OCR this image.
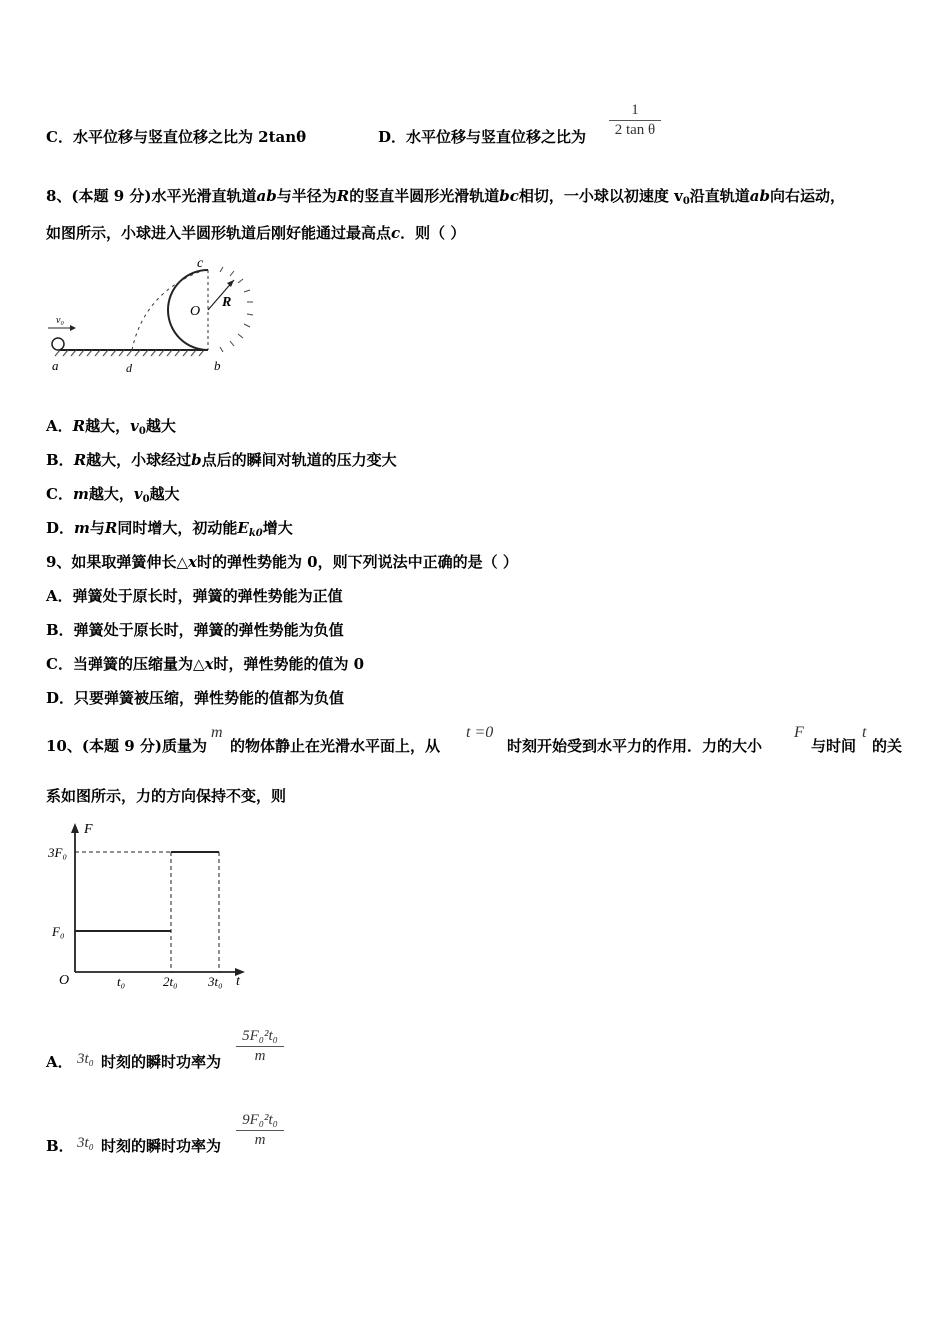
C．水平位移与竖直位移之比为 2tanθ	D．水平位移与竖直位移之比为
1
2 tan θ
8、(本题 9 分)水平光滑直轨道ab与半径为R的竖直半圆形光滑轨道bc相切，一小球以初速度 $v_0$沿直轨道ab向右运动，
如图所示，小球进入半圆形轨道后刚好能通过最高点c．则（ ）
v₀
c
O
R
a	d	b
A．R越大，$v_0$越大
B．R越大，小球经过b点后的瞬间对轨道的压力变大
C．m越大，$v_0$越大
D．m与R同时增大，初动能$E_{k0}$增大
9、如果取弹簧伸长△x时的弹性势能为 0，则下列说法中正确的是（ ）
A．弹簧处于原长时，弹簧的弹性势能为正值
B．弹簧处于原长时，弹簧的弹性势能为负值
C．当弹簧的压缩量为△x时，弹性势能的值为 0
D．只要弹簧被压缩，弹性势能的值都为负值
10、(本题 9 分)质量为
m
的物体静止在光滑水平面上，从
t =0
时刻开始受到水平力的作用．力的大小
F
与时间
t
的关
系如图所示，力的方向保持不变，则
F
t
O
3F₀
F₀
t₀	2t₀ 3t₀
A． 3t₀ 时刻的瞬时功率为
5F₀²t₀
m
B． 3t₀ 时刻的瞬时功率为
9F₀²t₀
m
